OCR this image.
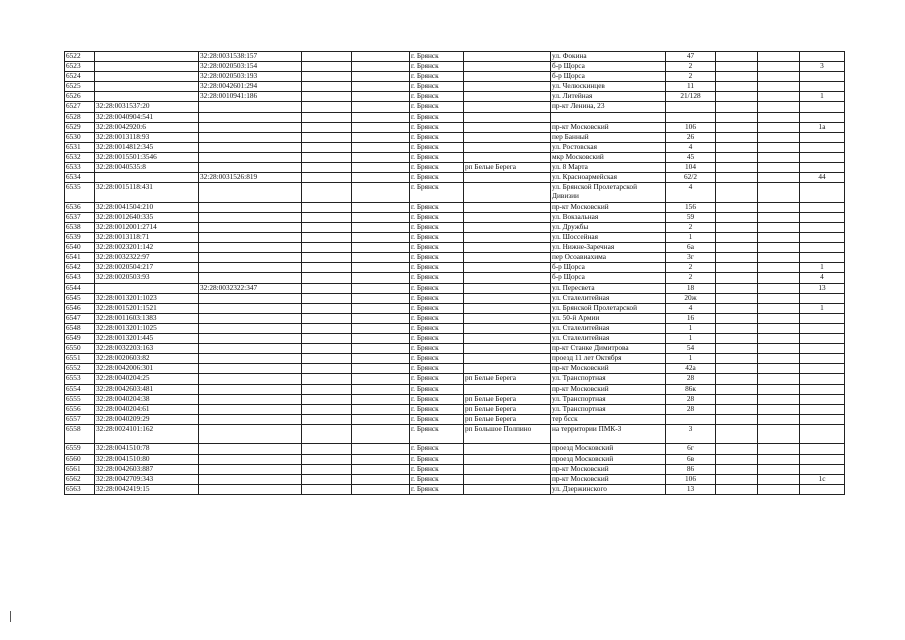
6522		32:28:0031538:157			г. Брянск		ул. Фокина	47			
6523		32:28:0020503:154			г. Брянск		б-р Щорса	2			3
6524		32:28:0020503:193			г. Брянск		б-р Щорса	2			
6525		32:28:0042601:294			г. Брянск		ул. Челюскинцев	11			
6526		32:28:0010941:186			г. Брянск		ул. Литейная	21/128			1
6527	32:28:0031537:20				г. Брянск		пр-кт Ленина, 23				
6528	32:28:0040904:541				г. Брянск						
6529	32:28:0042920:6				г. Брянск		пр-кт Московский	106			1а
6530	32:28:0013118:93				г. Брянск		пер Банный	26			
6531	32:28:0014812:345				г. Брянск		ул. Ростовская	4			
6532	32:28:0015501:3546				г. Брянск		мкр Московский	45			
6533	32:28:0040535:8				г. Брянск	рп Белые Берега	ул. 8 Марта	104			
6534		32:28:0031526:819			г. Брянск		ул. Красноармейская	62/2			44
6535	32:28:0015118:431				г. Брянск		ул. Брянской Пролетарской Дивизии	4			
6536	32:28:0041504:210				г. Брянск		пр-кт Московский	156			
6537	32:28:0012640:335				г. Брянск		ул. Вокзальная	59			
6538	32:28:0012001:2714				г. Брянск		ул. Дружбы	2			
6539	32:28:0013118:71				г. Брянск		ул. Шоссейная	1			
6540	32:28:0023201:142				г. Брянск		ул. Нижне-Заречная	6а			
6541	32:28:0032322:97				г. Брянск		пер Осоавиахима	3г			
6542	32:28:0020504:217				г. Брянск		б-р Щорса	2			1
6543	32:28:0020503:93				г. Брянск		б-р Щорса	2			4
6544		32:28:0032322:347			г. Брянск		ул. Пересвета	18			13
6545	32:28:0013201:1023				г. Брянск		ул. Сталелитейная	20ж			
6546	32:28:0015201:1521				г. Брянск		ул. Брянской Пролетарской	4			1
6547	32:28:0011603:1383				г. Брянск		ул. 50-й Армии	16			
6548	32:28:0013201:1025				г. Брянск		ул. Сталелитейная	1			
6549	32:28:0013201:445				г. Брянск		ул. Сталелитейная	1			
6550	32:28:0032203:163				г. Брянск		пр-кт Станке Димитрова	54			
6551	32:28:0020603:82				г. Брянск		проезд 11 лет Октября	1			
6552	32:28:0042006:301				г. Брянск		пр-кт Московский	42а			
6553	32:28:0040204:25				г. Брянск	рп Белые Берега	ул. Транспортная	28			
6554	32:28:0042603:481				г. Брянск		пр-кт Московский	86к			
6555	32:28:0040204:38				г. Брянск	рп Белые Берега	ул. Транспортная	28			
6556	32:28:0040204:61				г. Брянск	рп Белые Берега	ул. Транспортная	28			
6557	32:28:0040209:29				г. Брянск	рп Белые Берега	тер бсск				
6558	32:28:0024101:162				г. Брянск	рп Большое Полпино	на территории ПМК-3	3			
6559	32:28:0041510:78				г. Брянск		проезд Московский	6г			
6560	32:28:0041510:80				г. Брянск		проезд Московский	6в			
6561	32:28:0042603:887				г. Брянск		пр-кт Московский	86			
6562	32:28:0042709:343				г. Брянск		пр-кт Московский	106			1с
6563	32:28:0042419:15				г. Брянск		ул. Дзержинского	13			
